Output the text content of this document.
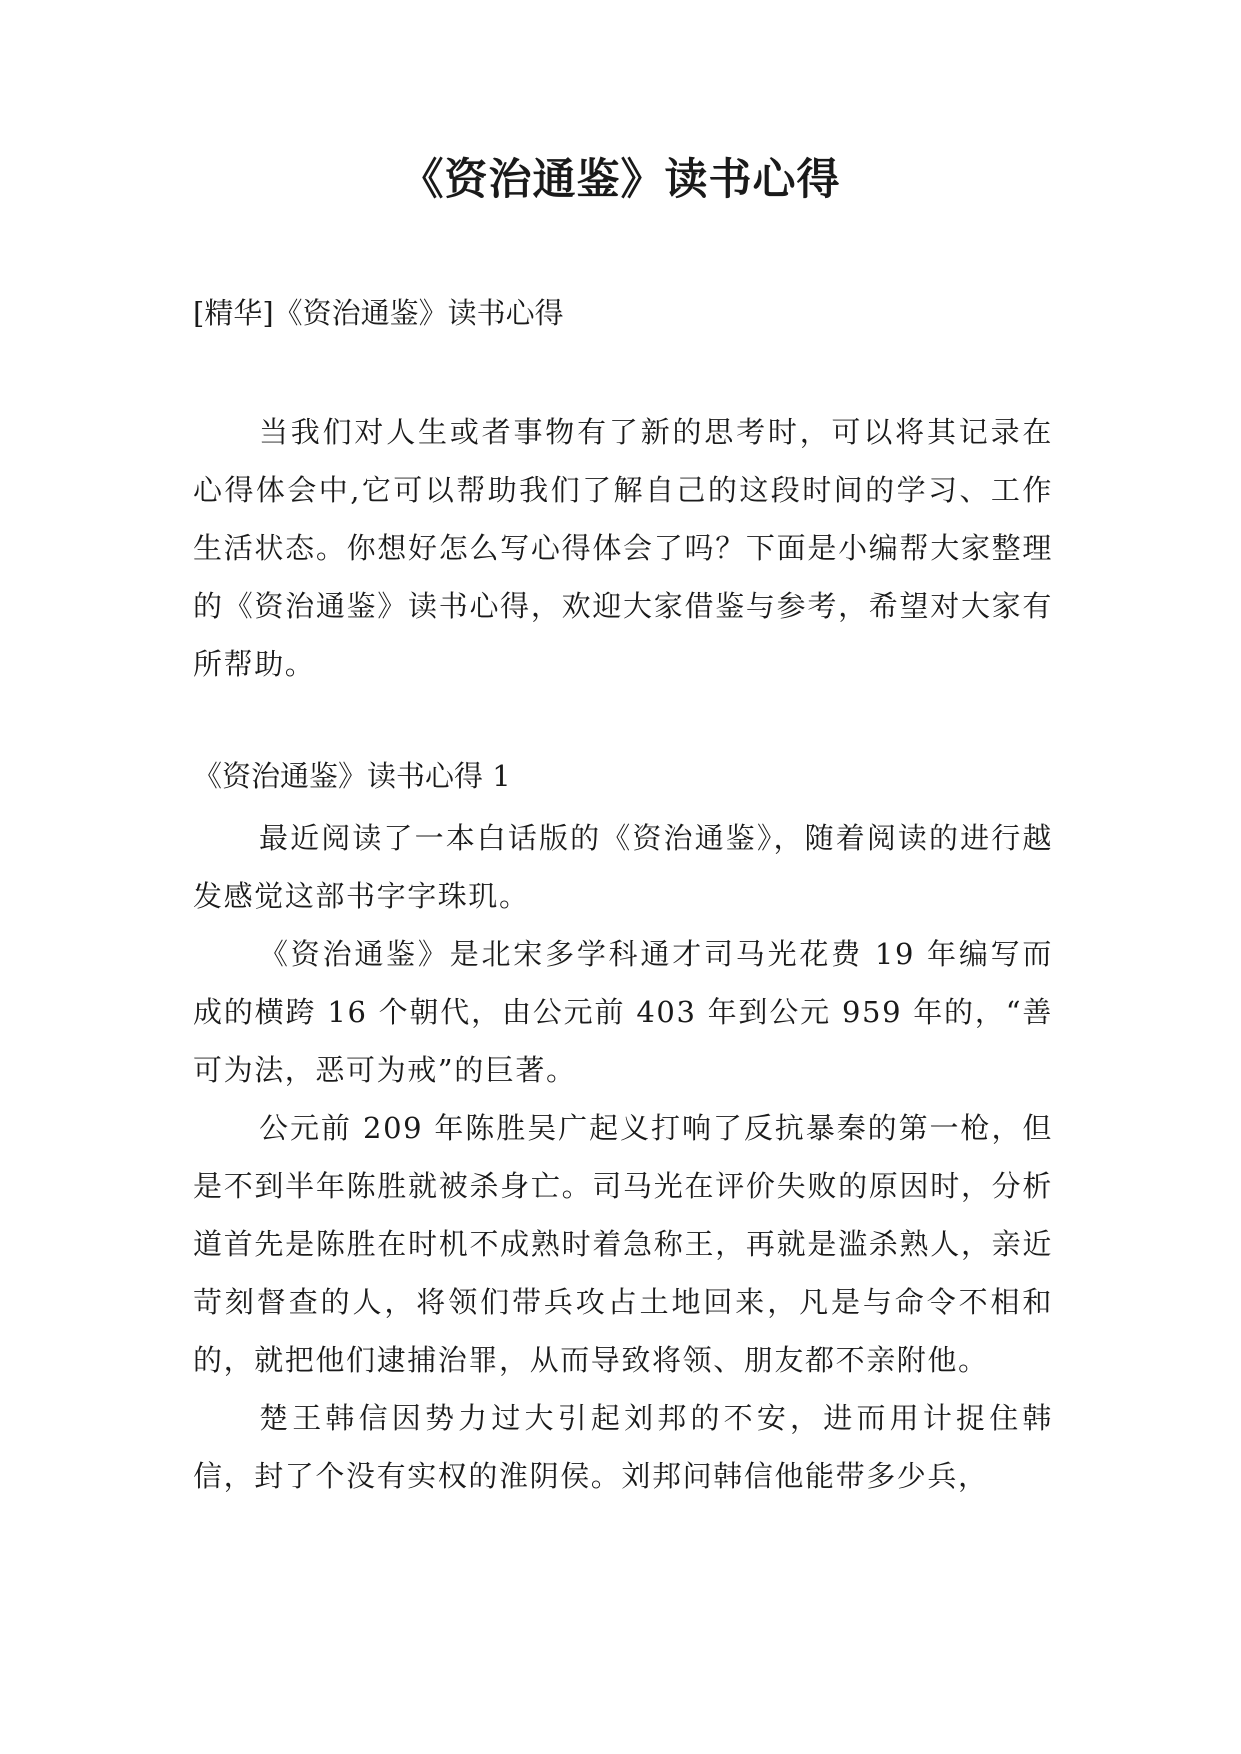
《资治通鉴》读书心得

[精华]《资治通鉴》读书心得

当我们对人生或者事物有了新的思考时，可以将其记录在心得体会中,它可以帮助我们了解自己的这段时间的学习、工作生活状态。你想好怎么写心得体会了吗？下面是小编帮大家整理的《资治通鉴》读书心得，欢迎大家借鉴与参考，希望对大家有所帮助。

《资治通鉴》读书心得 1

最近阅读了一本白话版的《资治通鉴》，随着阅读的进行越发感觉这部书字字珠玑。

《资治通鉴》是北宋多学科通才司马光花费 19 年编写而成的横跨 16 个朝代，由公元前 403 年到公元 959 年的，“善可为法，恶可为戒”的巨著。

公元前 209 年陈胜吴广起义打响了反抗暴秦的第一枪，但是不到半年陈胜就被杀身亡。司马光在评价失败的原因时，分析道首先是陈胜在时机不成熟时着急称王，再就是滥杀熟人，亲近苛刻督查的人，将领们带兵攻占土地回来，凡是与命令不相和的，就把他们逮捕治罪，从而导致将领、朋友都不亲附他。

楚王韩信因势力过大引起刘邦的不安，进而用计捉住韩信，封了个没有实权的淮阴侯。刘邦问韩信他能带多少兵，
